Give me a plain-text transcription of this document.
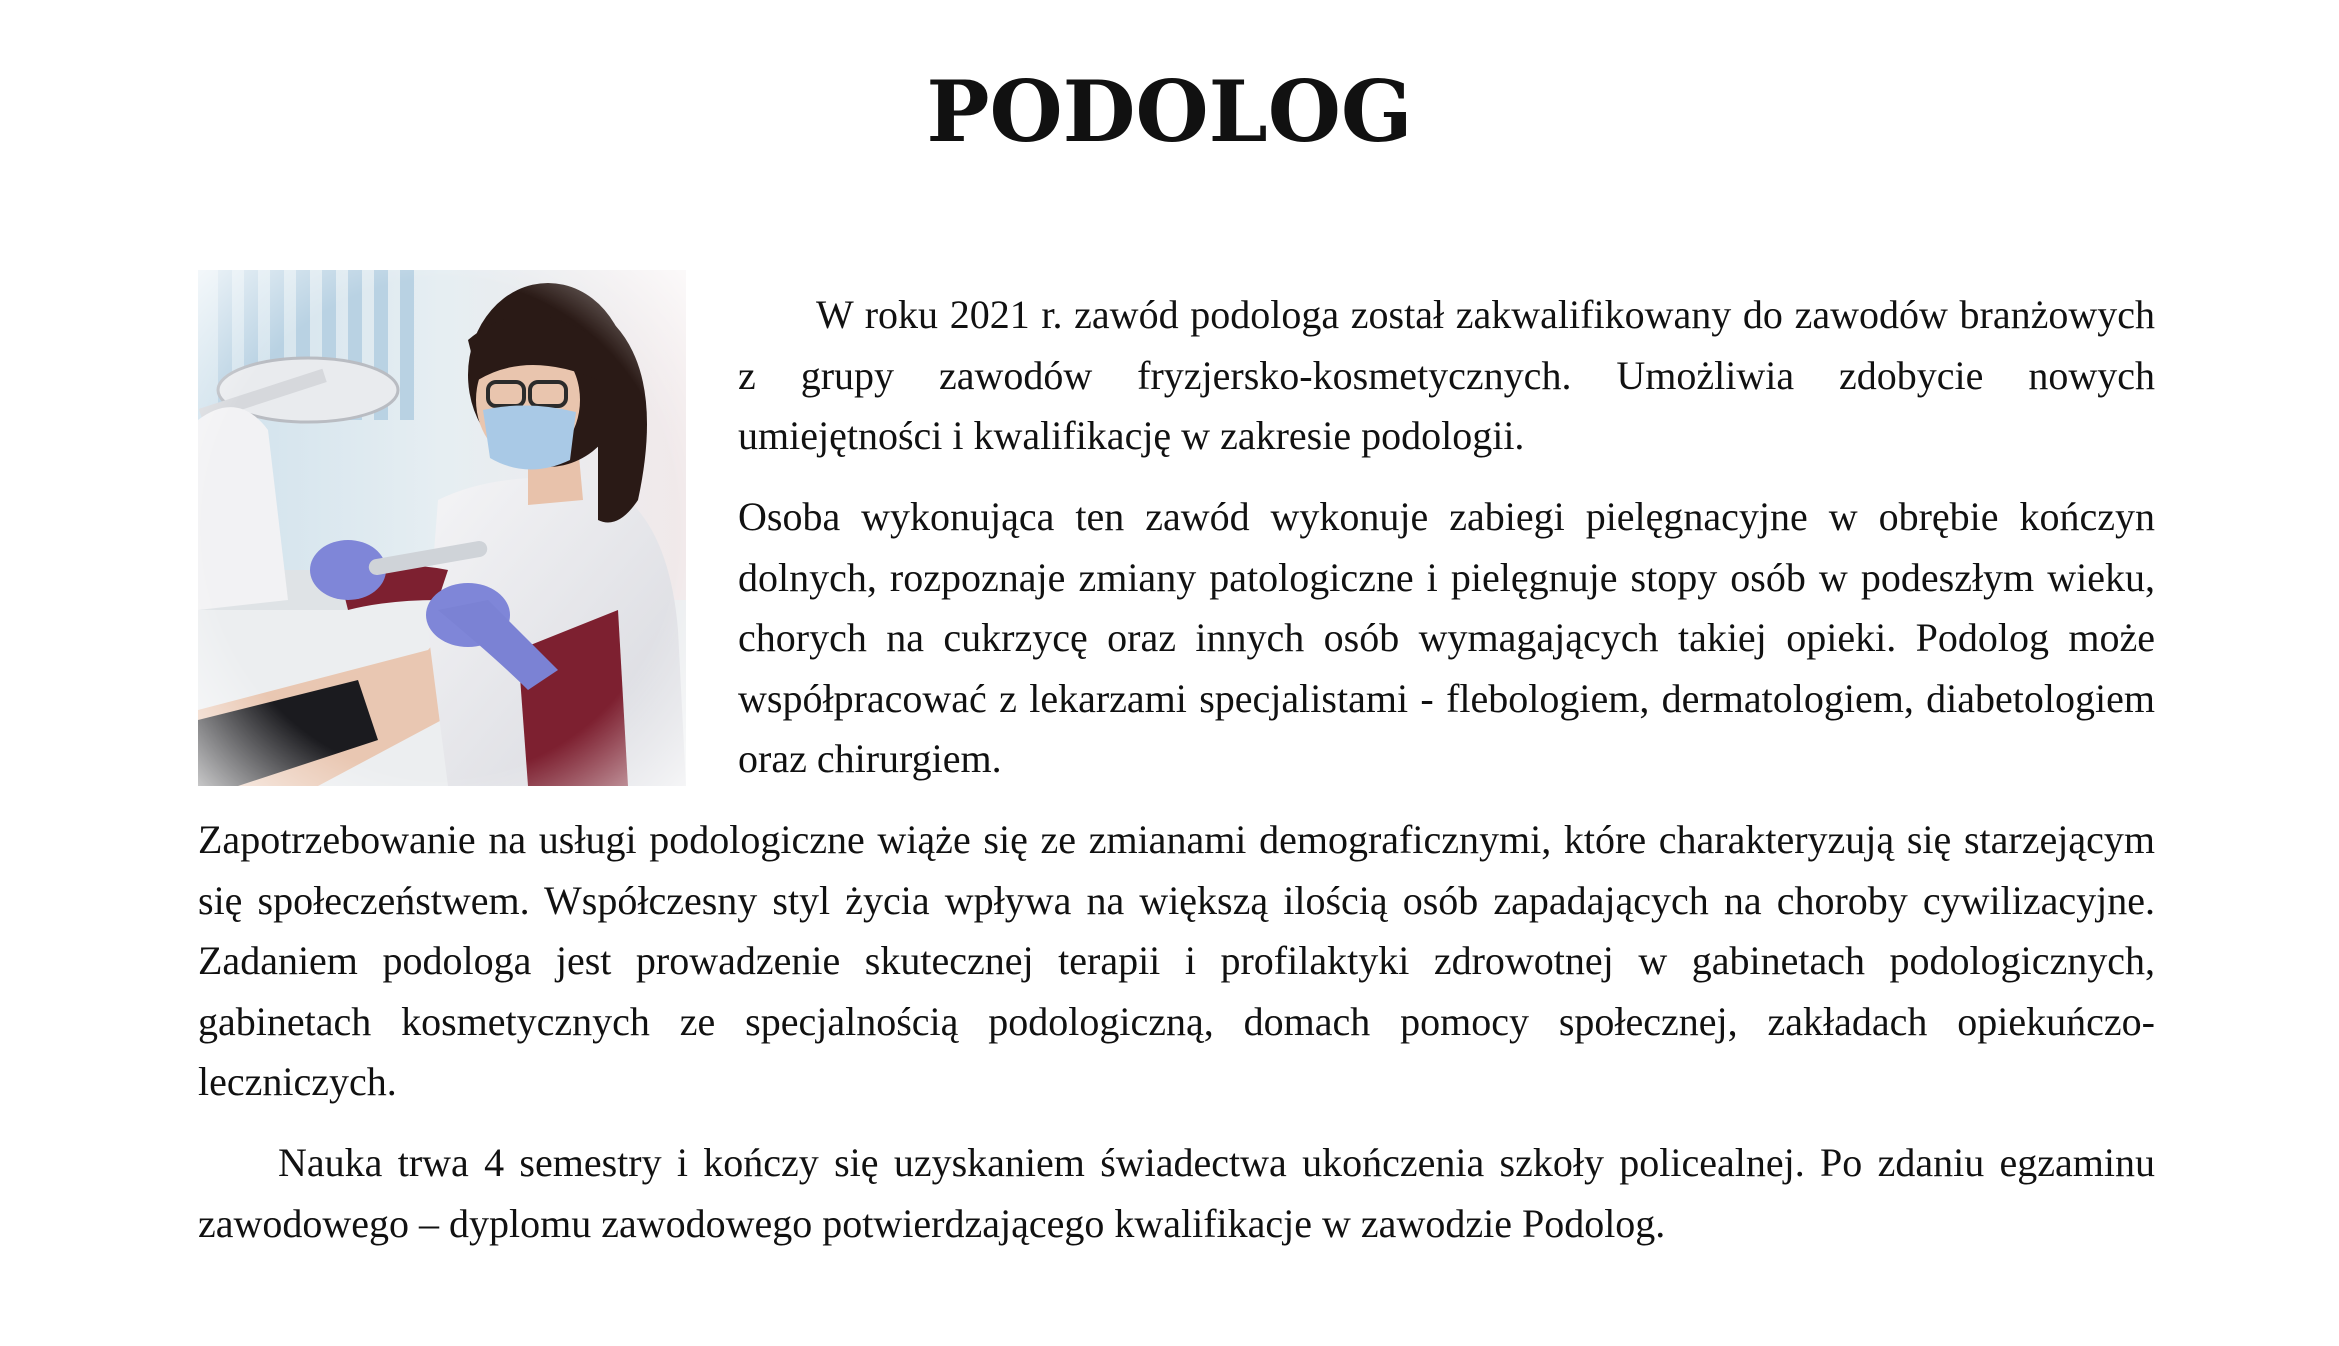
PODOLOG

W roku 2021 r. zawód podologa został zakwalifikowany do zawodów branżowych z grupy zawodów fryzjersko-kosmetycznych. Umożliwia zdobycie nowych umiejętności i kwalifikację w zakresie podologii.

Osoba wykonująca ten zawód wykonuje zabiegi pielęgnacyjne w obrębie kończyn dolnych, rozpoznaje zmiany patologiczne i pielęgnuje stopy osób w podeszłym wieku, chorych na cukrzycę oraz innych osób wymagających takiej opieki. Podolog może współpracować z lekarzami specjalistami - flebologiem, dermatologiem, diabetologiem oraz chirurgiem.

Zapotrzebowanie na usługi podologiczne wiąże się ze zmianami demograficznymi, które charakteryzują się starzejącym się społeczeństwem. Współczesny styl życia wpływa na większą ilością osób zapadających na choroby cywilizacyjne. Zadaniem podologa jest prowadzenie skutecznej terapii i profilaktyki zdrowotnej w gabinetach podologicznych, gabinetach kosmetycznych ze specjalnością podologiczną, domach pomocy społecznej, zakładach opiekuńczo-leczniczych.

Nauka trwa 4 semestry i kończy się uzyskaniem świadectwa ukończenia szkoły policealnej. Po zdaniu egzaminu zawodowego – dyplomu zawodowego potwierdzającego kwalifikacje w zawodzie Podolog.
